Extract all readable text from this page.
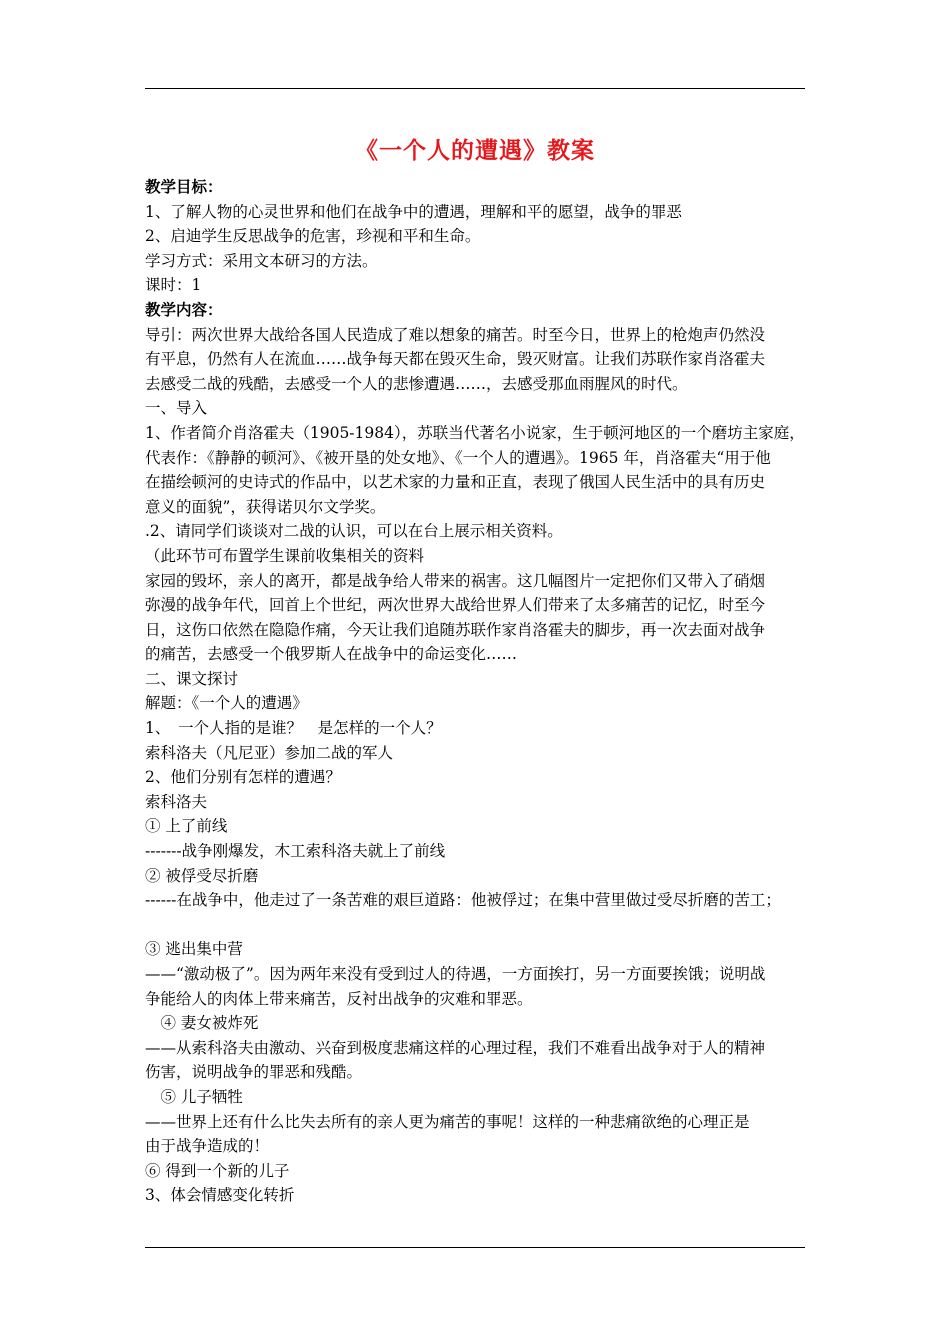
《一个人的遭遇》教案

教学目标：

1、了解人物的心灵世界和他们在战争中的遭遇，理解和平的愿望，战争的罪恶

2、启迪学生反思战争的危害，珍视和平和生命。

学习方式：采用文本研习的方法。

课时：1

教学内容：

导引：两次世界大战给各国人民造成了难以想象的痛苦。时至今日，世界上的枪炮声仍然没

有平息，仍然有人在流血……战争每天都在毁灭生命，毁灭财富。让我们苏联作家肖洛霍夫

去感受二战的残酷，去感受一个人的悲惨遭遇……，去感受那血雨腥风的时代。

一、导入

1、作者简介肖洛霍夫（1905-1984），苏联当代著名小说家，生于顿河地区的一个磨坊主家庭，

代表作：《静静的顿河》、《被开垦的处女地》、《一个人的遭遇》。1965 年，肖洛霍夫“用于他

在描绘顿河的史诗式的作品中，以艺术家的力量和正直，表现了俄国人民生活中的具有历史

意义的面貌”，获得诺贝尔文学奖。

.2、请同学们谈谈对二战的认识，可以在台上展示相关资料。

（此环节可布置学生课前收集相关的资料

家园的毁坏，亲人的离开，都是战争给人带来的祸害。这几幅图片一定把你们又带入了硝烟

弥漫的战争年代，回首上个世纪，两次世界大战给世界人们带来了太多痛苦的记忆，时至今

日，这伤口依然在隐隐作痛，今天让我们追随苏联作家肖洛霍夫的脚步，再一次去面对战争

的痛苦，去感受一个俄罗斯人在战争中的命运变化……

二、课文探讨

解题：《一个人的遭遇》

1、　一个人指的是谁？　是怎样的一个人？

索科洛夫（凡尼亚）参加二战的军人

2、他们分别有怎样的遭遇？

索科洛夫

① 上了前线

-------战争刚爆发，木工索科洛夫就上了前线

② 被俘受尽折磨

------在战争中，他走过了一条苦难的艰巨道路：他被俘过；在集中营里做过受尽折磨的苦工；

③ 逃出集中营

——“激动极了”。因为两年来没有受到过人的待遇，一方面挨打，另一方面要挨饿；说明战

争能给人的肉体上带来痛苦，反衬出战争的灾难和罪恶。

　④ 妻女被炸死

——从索科洛夫由激动、兴奋到极度悲痛这样的心理过程，我们不难看出战争对于人的精神

伤害，说明战争的罪恶和残酷。

　⑤ 儿子牺牲

——世界上还有什么比失去所有的亲人更为痛苦的事呢！这样的一种悲痛欲绝的心理正是

由于战争造成的！

⑥ 得到一个新的儿子

3、体会情感变化转折
